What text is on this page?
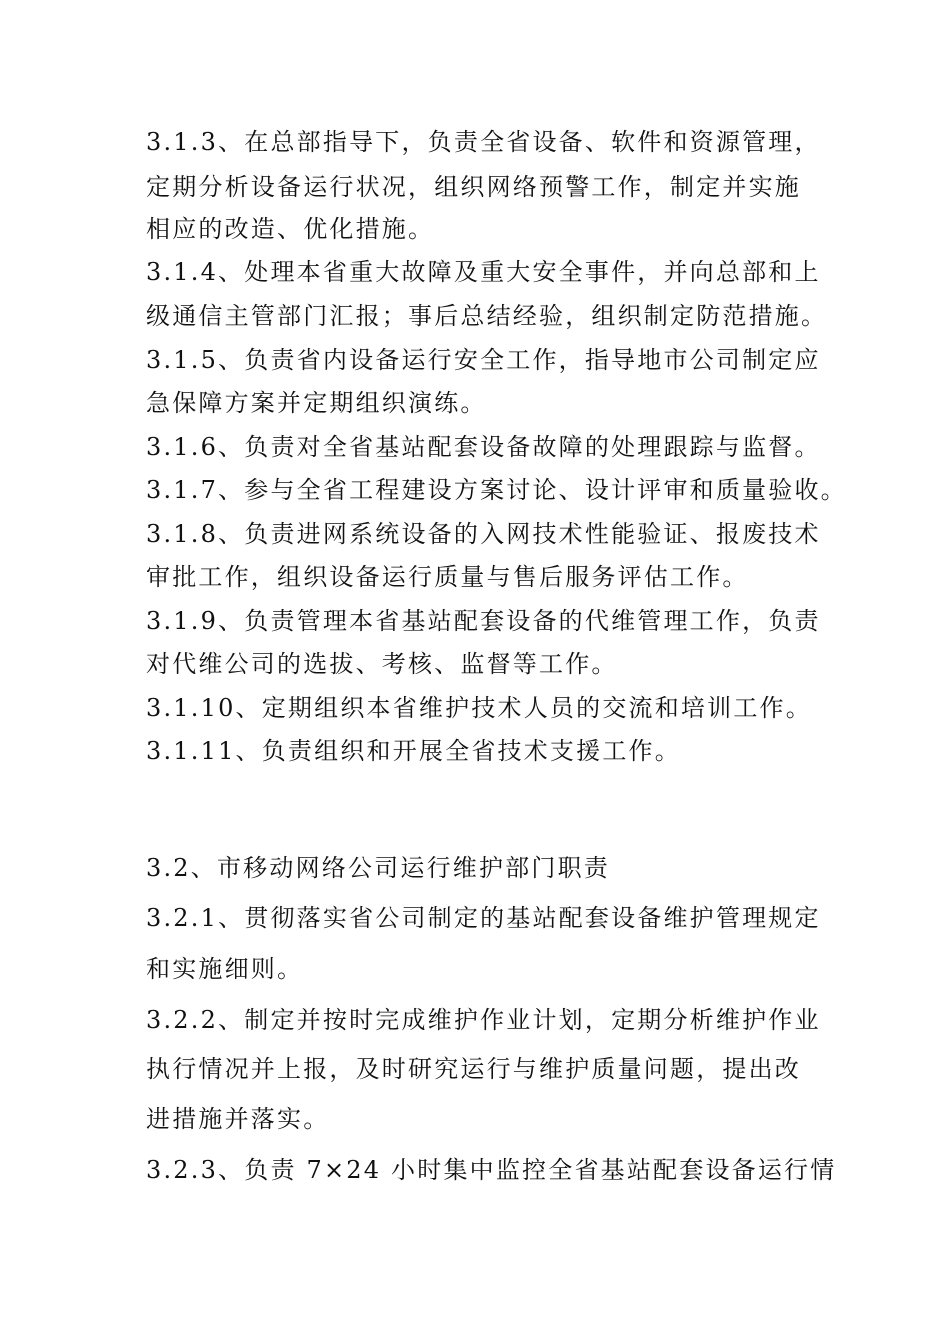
3.1.3、在总部指导下，负责全省设备、软件和资源管理，
定期分析设备运行状况，组织网络预警工作，制定并实施
相应的改造、优化措施。
3.1.4、处理本省重大故障及重大安全事件，并向总部和上
级通信主管部门汇报；事后总结经验，组织制定防范措施。
3.1.5、负责省内设备运行安全工作，指导地市公司制定应
急保障方案并定期组织演练。
3.1.6、负责对全省基站配套设备故障的处理跟踪与监督。
3.1.7、参与全省工程建设方案讨论、设计评审和质量验收。
3.1.8、负责进网系统设备的入网技术性能验证、报废技术
审批工作，组织设备运行质量与售后服务评估工作。
3.1.9、负责管理本省基站配套设备的代维管理工作，负责
对代维公司的选拔、考核、监督等工作。
3.1.10、定期组织本省维护技术人员的交流和培训工作。
3.1.11、负责组织和开展全省技术支援工作。
3.2、市移动网络公司运行维护部门职责
3.2.1、贯彻落实省公司制定的基站配套设备维护管理规定
和实施细则。
3.2.2、制定并按时完成维护作业计划，定期分析维护作业
执行情况并上报，及时研究运行与维护质量问题，提出改
进措施并落实。
3.2.3、负责 7×24 小时集中监控全省基站配套设备运行情
